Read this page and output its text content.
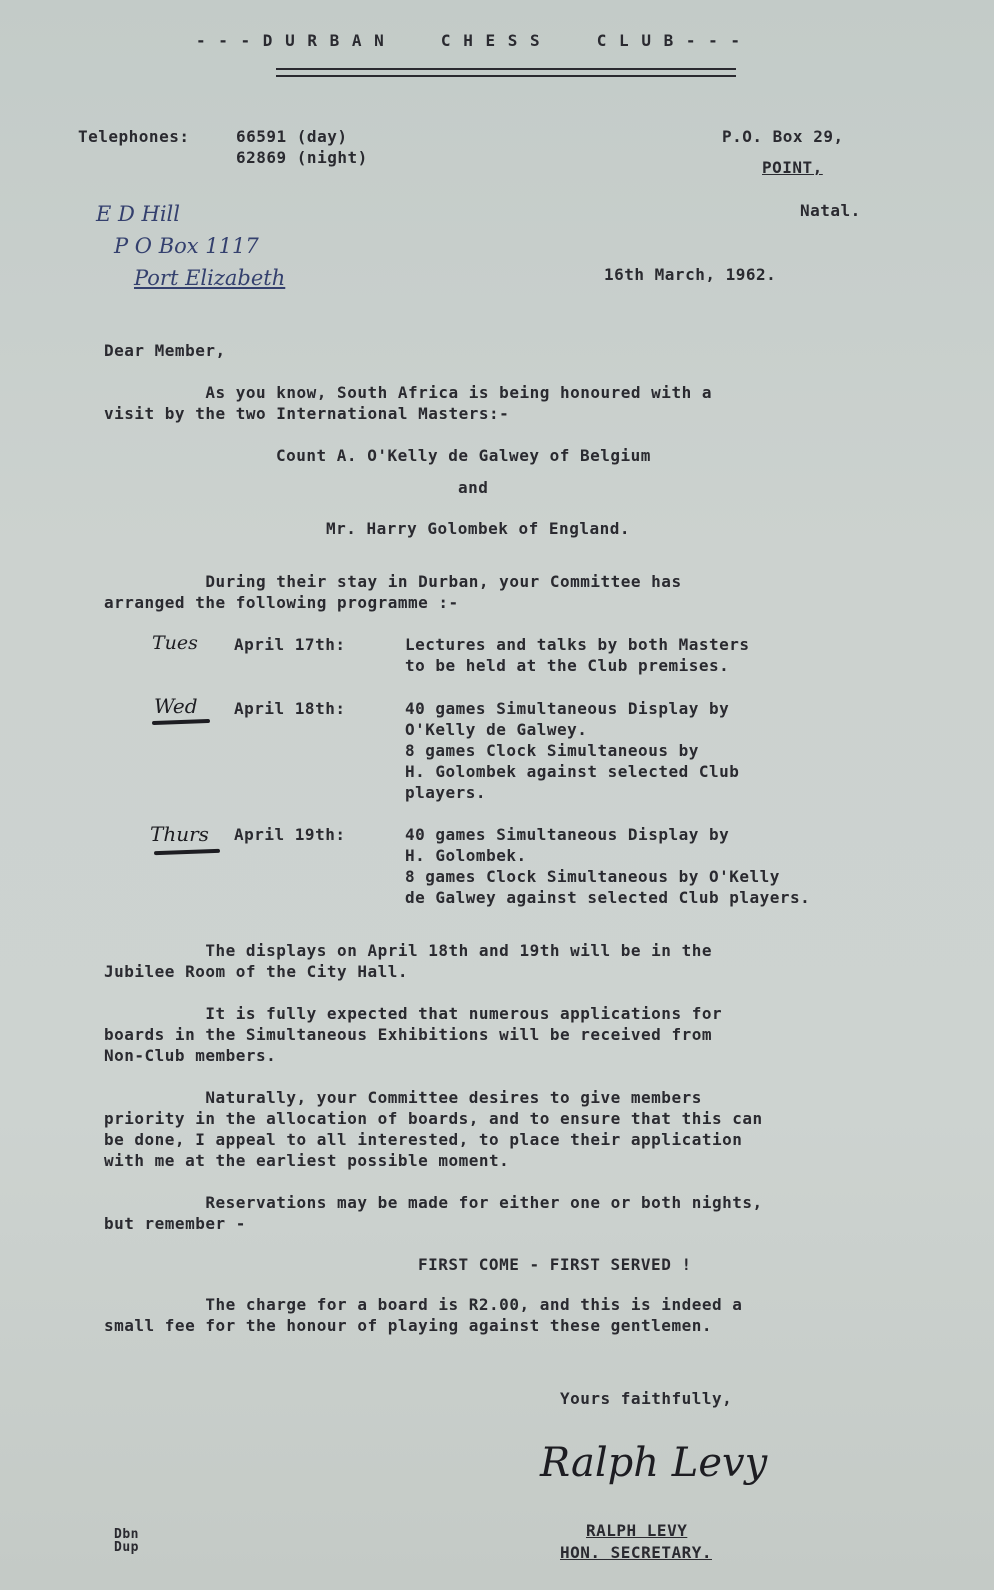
- - - D U R B A N     C H E S S     C L U B - - -
Telephones:	66591 (day)
62869 (night)
P.O. Box 29,
POINT,
Natal.
E D Hill
P O Box 1117
Port Elizabeth	16th March, 1962.
Dear Member,
As you know, South Africa is being honoured with a
visit by the two International Masters:-
Count A. O'Kelly de Galwey of Belgium
and
Mr. Harry Golombek of England.
During their stay in Durban, your Committee has
arranged the following programme :-
Tues April 17th:	Lectures and talks by both Masters
to be held at the Club premises.
Wed April 18th:	40 games Simultaneous Display by
O'Kelly de Galwey.
8 games Clock Simultaneous by
H. Golombek against selected Club
players.
Thurs April 19th:	40 games Simultaneous Display by
H. Golombek.
8 games Clock Simultaneous by O'Kelly
de Galwey against selected Club players.
The displays on April 18th and 19th will be in the
Jubilee Room of the City Hall.
It is fully expected that numerous applications for
boards in the Simultaneous Exhibitions will be received from
Non-Club members.
Naturally, your Committee desires to give members
priority in the allocation of boards, and to ensure that this can
be done, I appeal to all interested, to place their application
with me at the earliest possible moment.
Reservations may be made for either one or both nights,
but remember -
FIRST COME - FIRST SERVED !
The charge for a board is R2.00, and this is indeed a
small fee for the honour of playing against these gentlemen.
Yours faithfully,
Ralph Levy
RALPH LEVY
HON. SECRETARY.
Dbn
Dup
